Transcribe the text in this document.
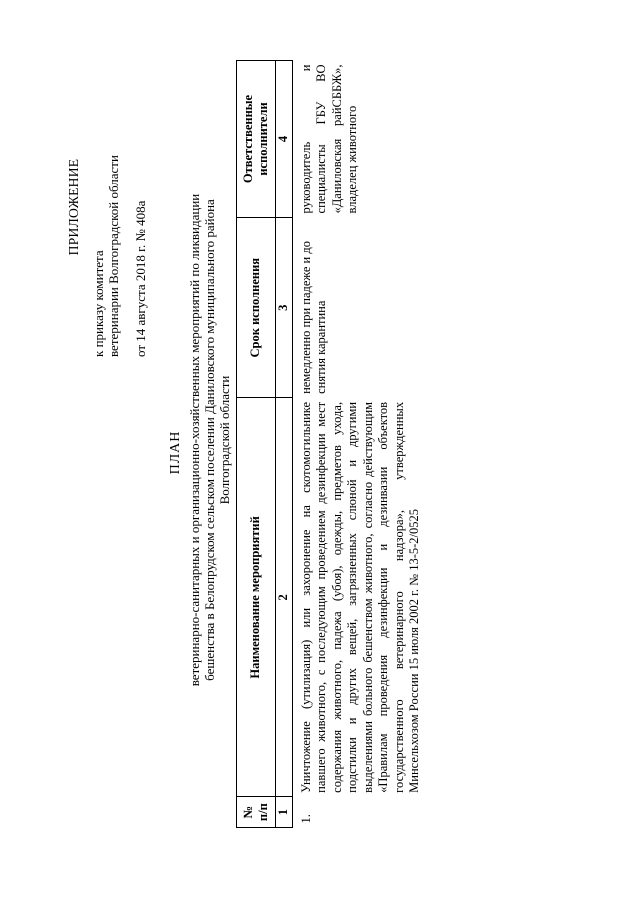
ПРИЛОЖЕНИЕ
к приказу комитета ветеринарии Волгоградской области от 14 августа 2018 г. № 408а
ПЛАН ветеринарно-санитарных и организационно-хозяйственных мероприятий по ликвидации бешенства в Белопрудском сельском поселении Даниловского муниципального района Волгоградской области
№ п/п	Наименование мероприятий	Срок исполнения	Ответственные исполнители
1	2	3	4
1.	Уничтожение (утилизация) или захоронение на скотомогильнике павшего животного, с последующим проведением дезинфекции мест содержания животного, падежа (убоя), одежды, предметов ухода, подстилки и других вещей, загрязненных слюной и другими выделениями больного бешенством животного, согласно действующим «Правилам проведения дезинфекции и дезинвазии объектов государственного ветеринарного надзора», утвержденных Минсельхозом России 15 июля 2002 г. № 13-5-2/0525	немедленно при падеже и до снятия карантина	руководитель и специалисты ГБУ ВО «Даниловская райСББЖ», владелец животного
